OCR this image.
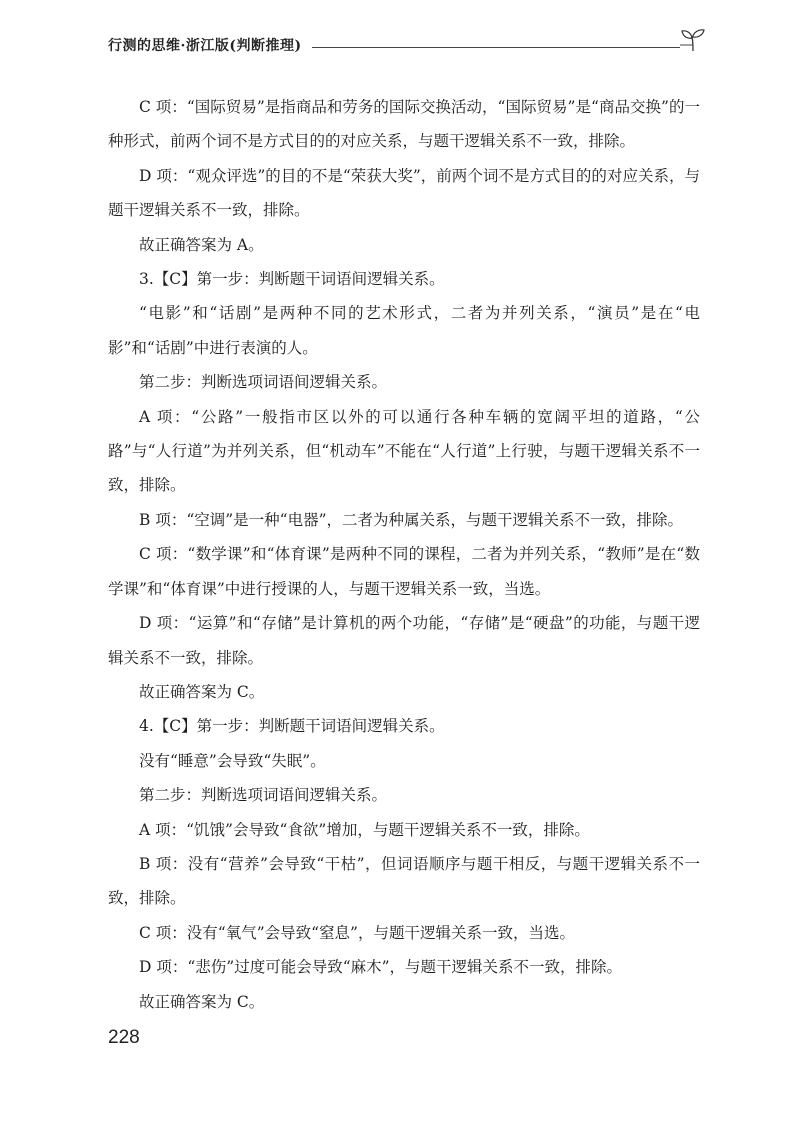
行测的思维·浙江版(判断推理)

C 项：“国际贸易”是指商品和劳务的国际交换活动，“国际贸易”是“商品交换”的一种形式，前两个词不是方式目的的对应关系，与题干逻辑关系不一致，排除。

D 项：“观众评选”的目的不是“荣获大奖”，前两个词不是方式目的的对应关系，与题干逻辑关系不一致，排除。

故正确答案为 A。

3.【C】第一步：判断题干词语间逻辑关系。

“电影”和“话剧”是两种不同的艺术形式，二者为并列关系，“演员”是在“电影”和“话剧”中进行表演的人。

第二步：判断选项词语间逻辑关系。

A 项：“公路”一般指市区以外的可以通行各种车辆的宽阔平坦的道路，“公路”与“人行道”为并列关系，但“机动车”不能在“人行道”上行驶，与题干逻辑关系不一致，排除。

B 项：“空调”是一种“电器”，二者为种属关系，与题干逻辑关系不一致，排除。

C 项：“数学课”和“体育课”是两种不同的课程，二者为并列关系，“教师”是在“数学课”和“体育课”中进行授课的人，与题干逻辑关系一致，当选。

D 项：“运算”和“存储”是计算机的两个功能，“存储”是“硬盘”的功能，与题干逻辑关系不一致，排除。

故正确答案为 C。

4.【C】第一步：判断题干词语间逻辑关系。

没有“睡意”会导致“失眠”。

第二步：判断选项词语间逻辑关系。

A 项：“饥饿”会导致“食欲”增加，与题干逻辑关系不一致，排除。

B 项：没有“营养”会导致“干枯”，但词语顺序与题干相反，与题干逻辑关系不一致，排除。

C 项：没有“氧气”会导致“窒息”，与题干逻辑关系一致，当选。

D 项：“悲伤”过度可能会导致“麻木”，与题干逻辑关系不一致，排除。

故正确答案为 C。

228
